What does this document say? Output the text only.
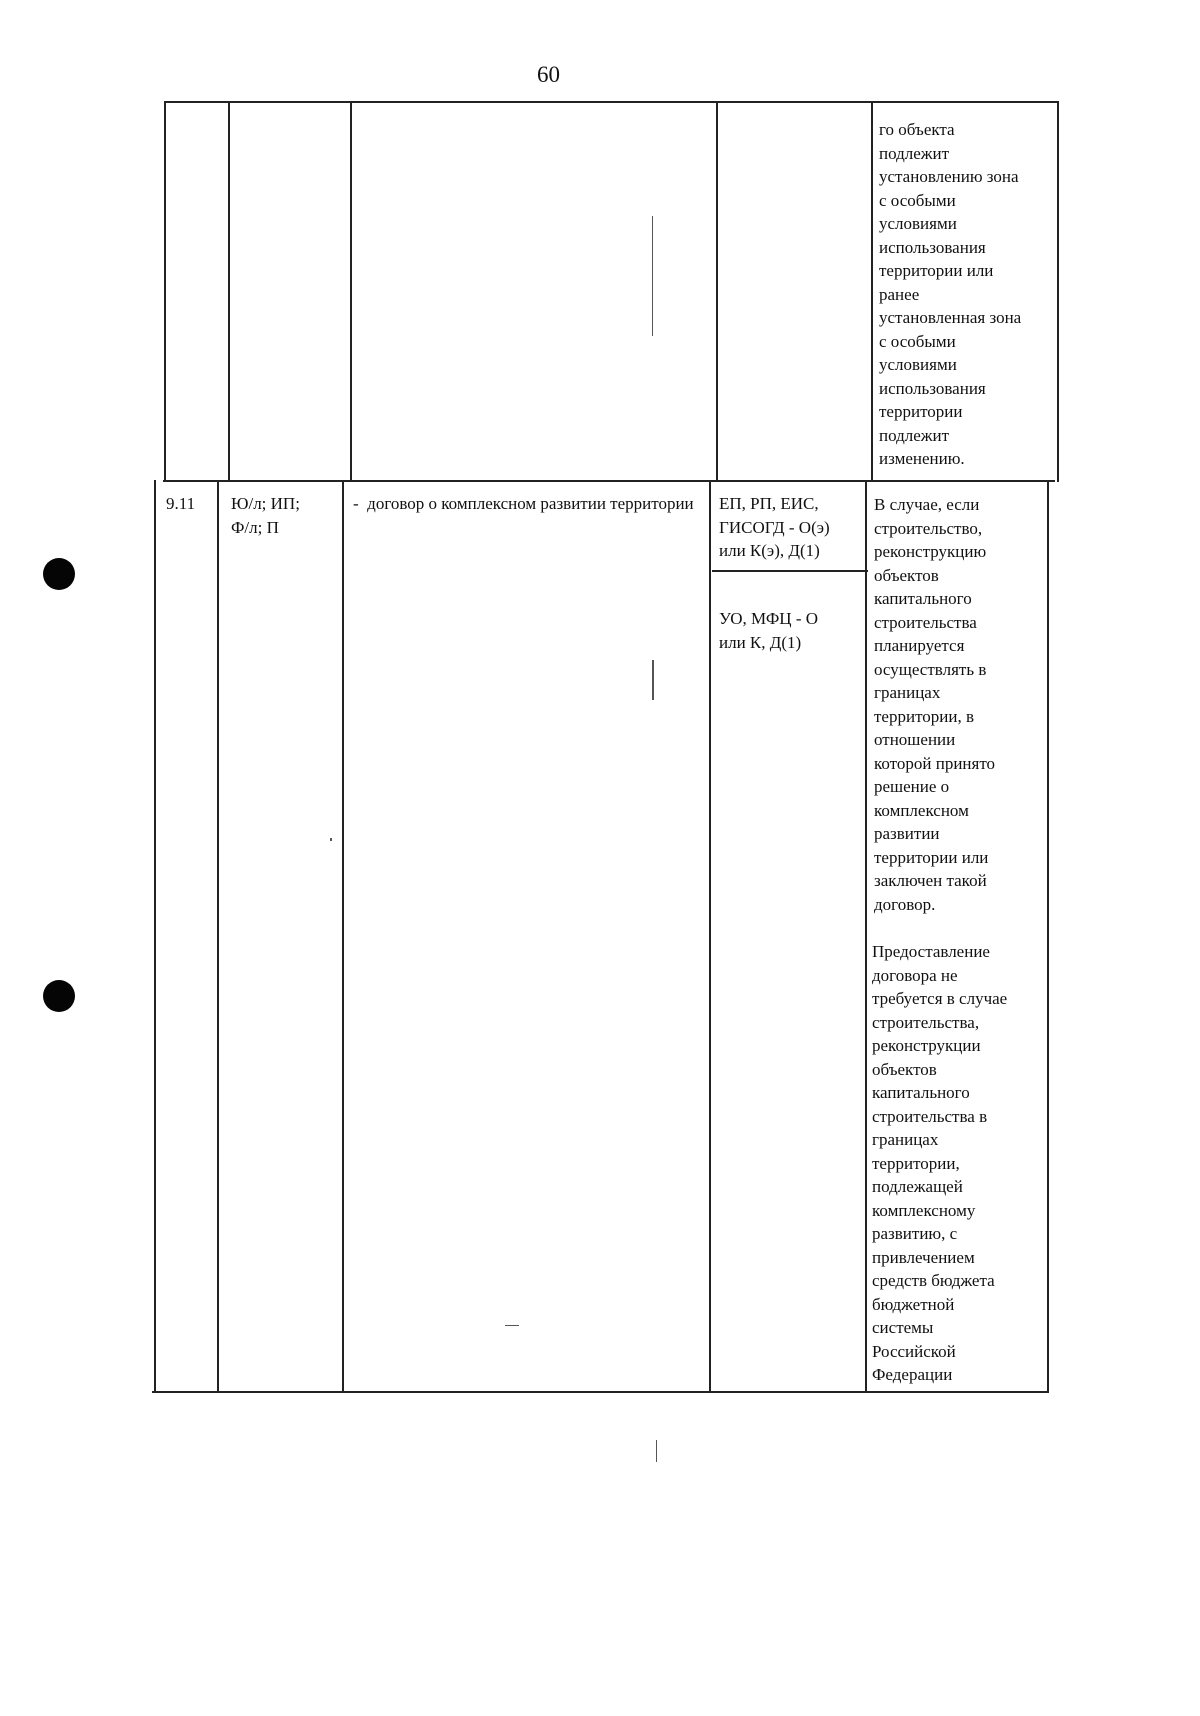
60
го объекта
подлежит
установлению зона
с особыми
условиями
использования
территории или
ранее
установленная зона
с особыми
условиями
использования
территории
подлежит
изменению.
9.11	Ю/л; ИП;
Ф/л; П
-  договор о комплексном развитии территории	ЕП, РП, ЕИС,
ГИСОГД - О(э)
или К(э), Д(1)
УО, МФЦ - О
или К, Д(1)
В случае, если
строительство,
реконструкцию
объектов
капитального
строительства
планируется
осуществлять в
границах
территории, в
отношении
которой принято
решение о
комплексном
развитии
территории или
заключен такой
договор.
Предоставление
договора не
требуется в случае
строительства,
реконструкции
объектов
капитального
строительства в
границах
территории,
подлежащей
комплексному
развитию, с
привлечением
средств бюджета
бюджетной
системы
Российской
Федерации
